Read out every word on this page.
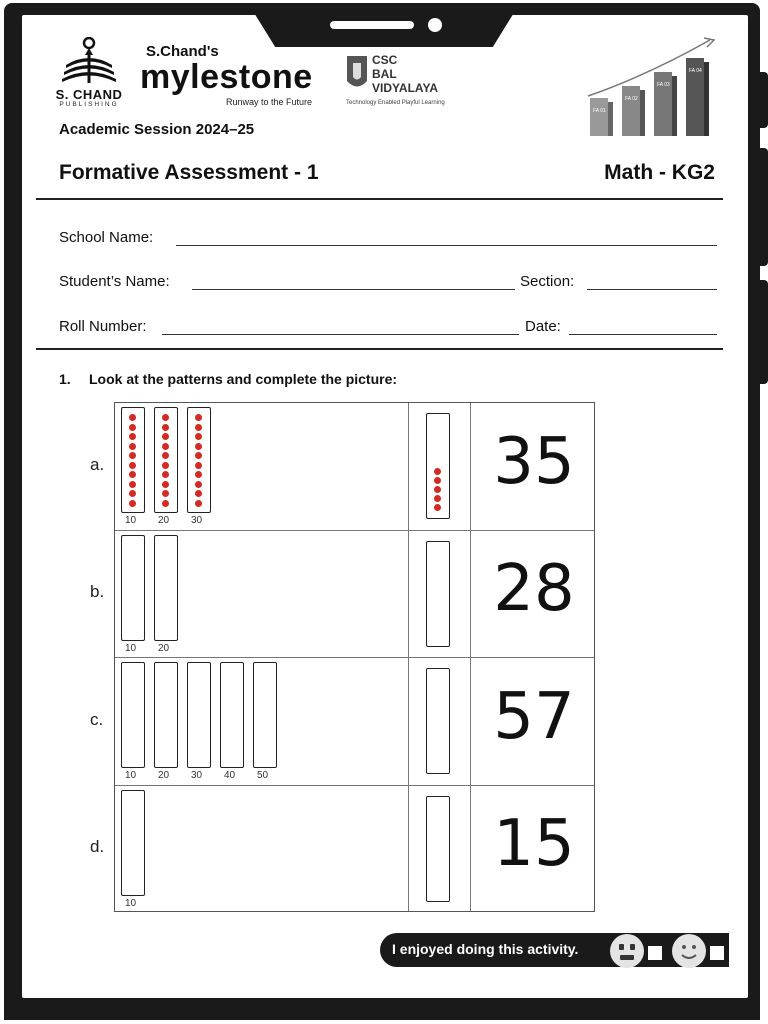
S. CHAND
PUBLISHING
S.Chand's
mylestone
Runway to the Future
CSC
BAL
VIDYALAYA
Technology Enabled Playful Learning
FA 01
FA 02
FA 03
FA 04
Academic Session 2024–25
Formative Assessment - 1	Math - KG2
School Name:
Student’s Name:	Section:
Roll Number:	Date:
1. Look at the patterns and complete the picture:
a.
10 20 30
35
b.
10 20
28
c.
10 20 30 40 50
57
d.
10
15
I enjoyed doing this activity.
